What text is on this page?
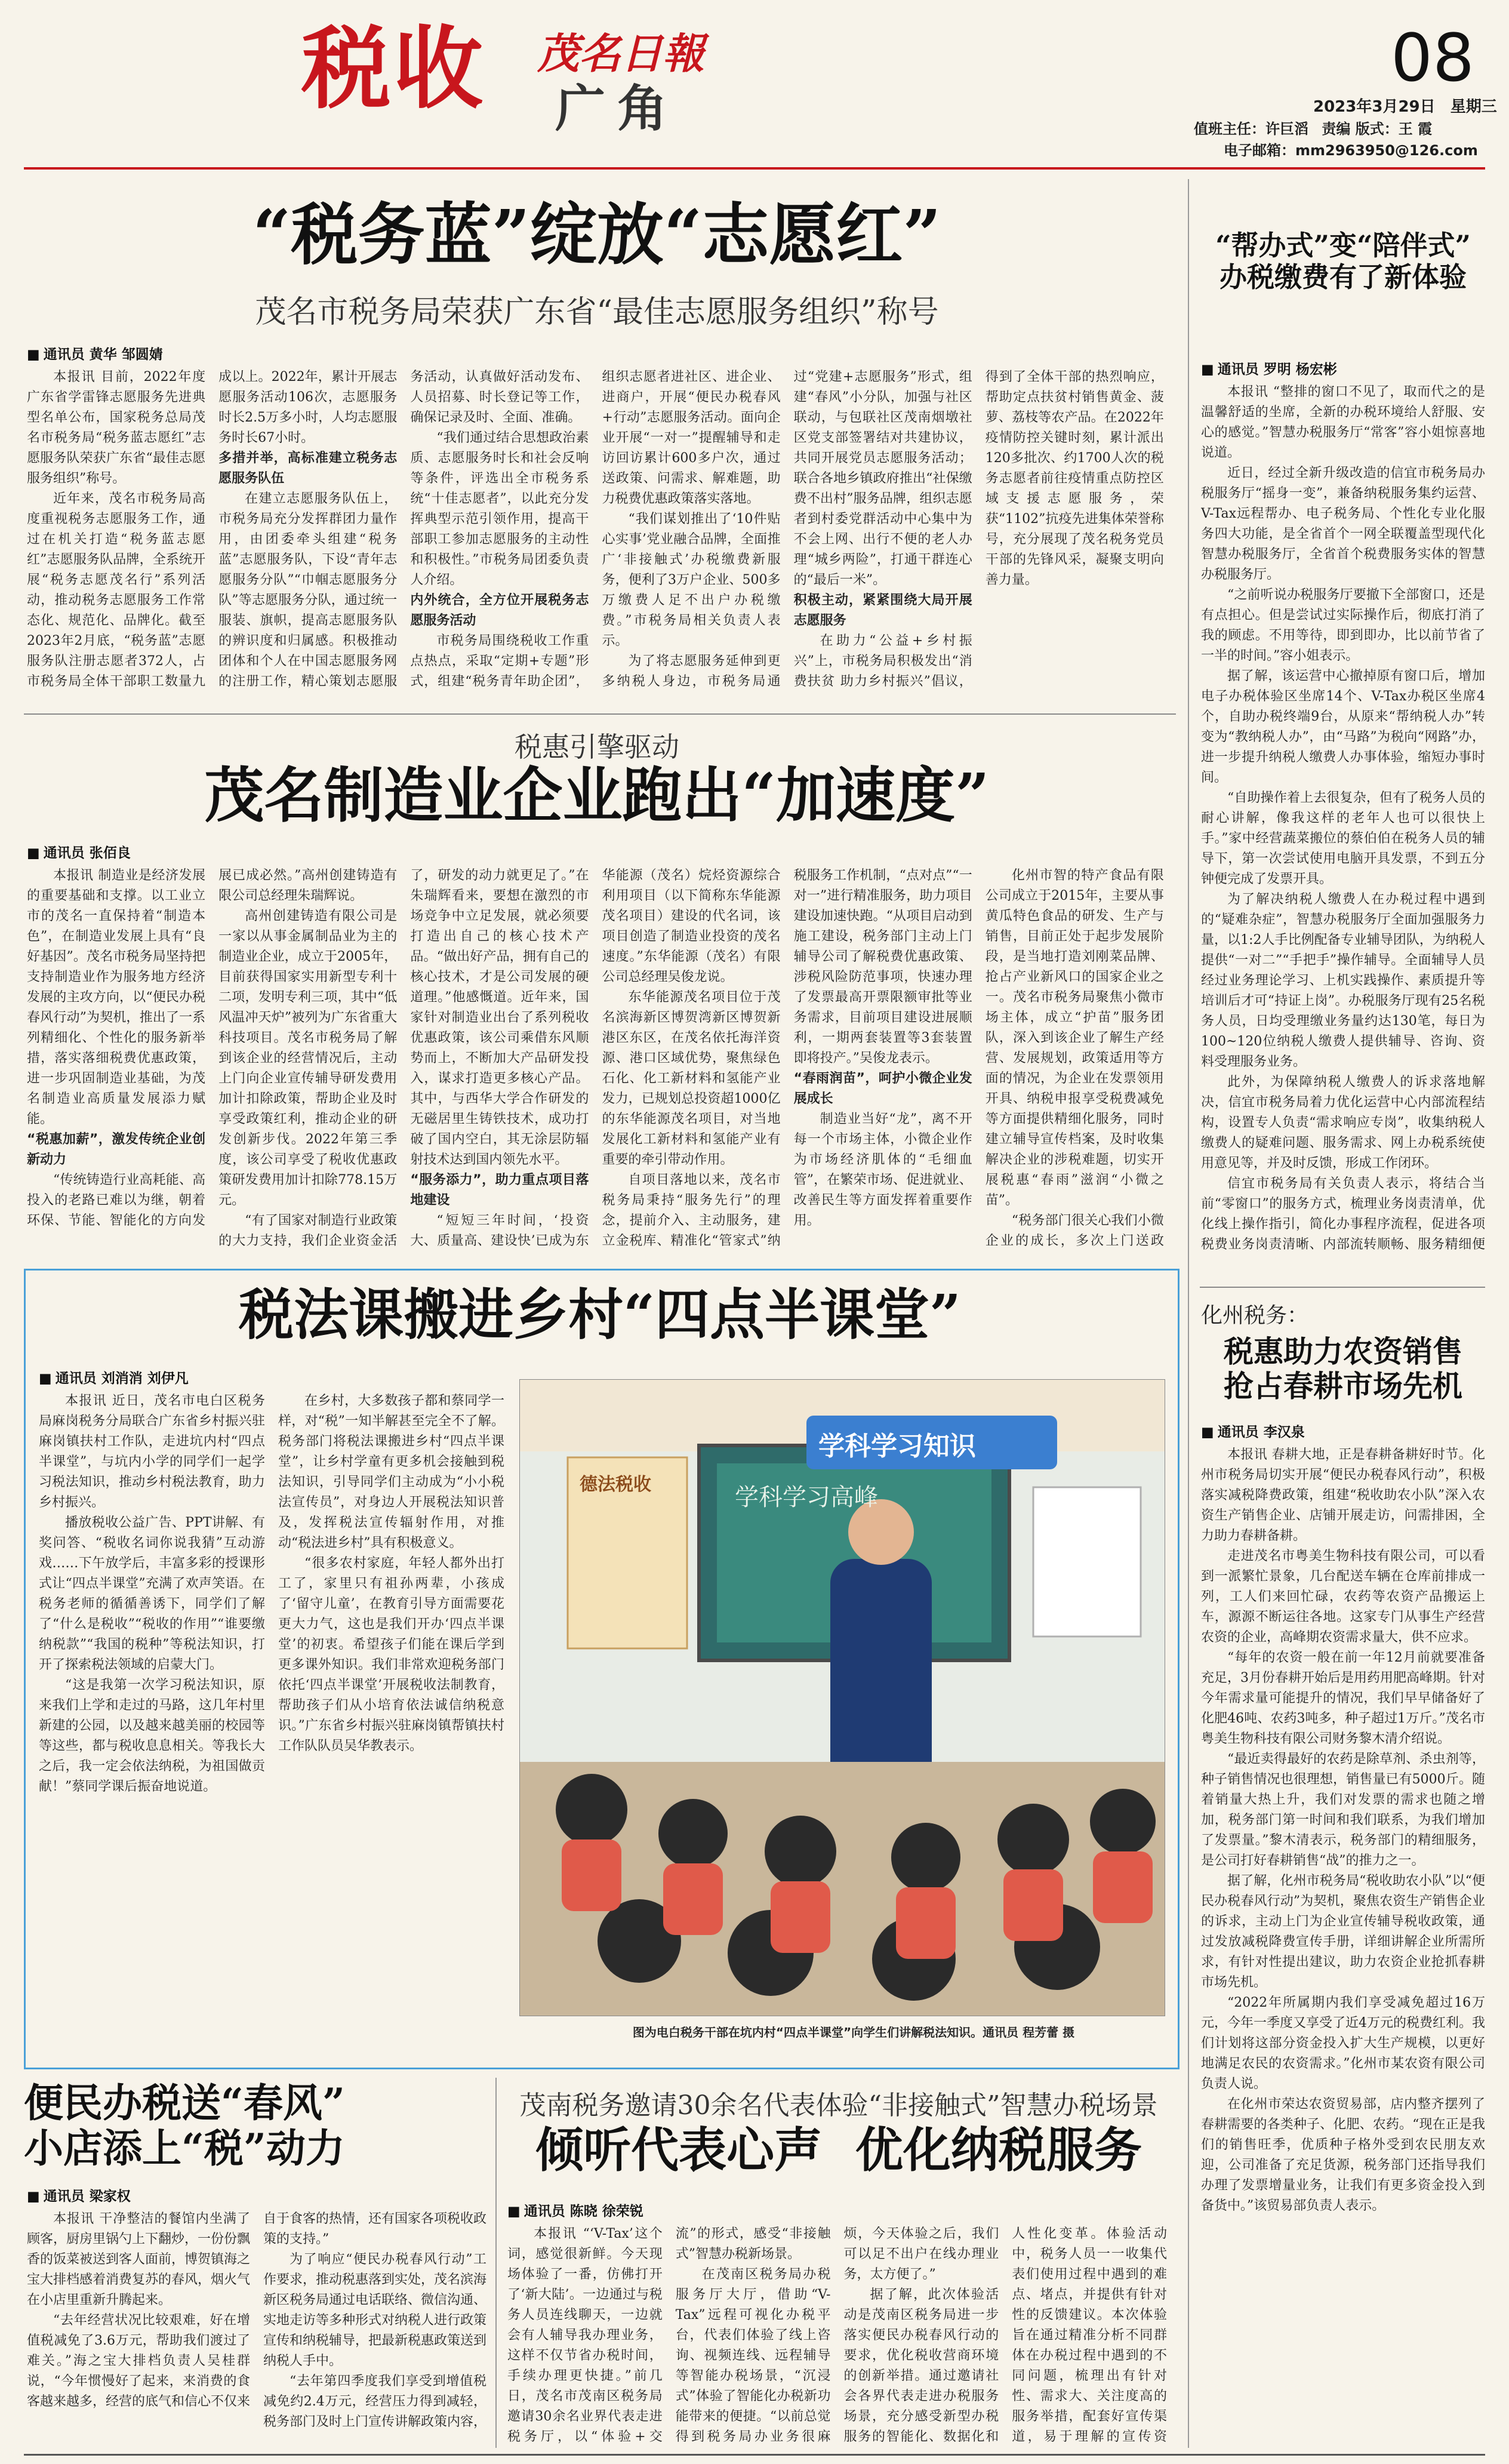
税收 茂名日報
广角
08
2023年3月29日 星期三
值班主任：许巨滔 责编 版式：王 霞
电子邮箱：mm2963950@126.com
“税务蓝”绽放“志愿红”
茂名市税务局荣获广东省“最佳志愿服务组织”称号
■ 通讯员 黄华 邹圆婧

本报讯 目前，2022年度广东省学雷锋志愿服务先进典型名单公布，国家税务总局茂名市税务局“税务蓝志愿红”志愿服务队荣获广东省“最佳志愿服务组织”称号。

近年来，茂名市税务局高度重视税务志愿服务工作，通过在机关打造“税务蓝志愿红”志愿服务队品牌，全系统开展“税务志愿茂名行”系列活动，推动税务志愿服务工作常态化、规范化、品牌化。截至2023年2月底，“税务蓝”志愿服务队注册志愿者372人，占市税务局全体干部职工数量九成以上。2022年，累计开展志愿服务活动106次，志愿服务时长2.5万多小时，人均志愿服务时长67小时。

多措并举，高标准建立税务志愿服务队伍

在建立志愿服务队伍上，市税务局充分发挥群团力量作用，由团委牵头组建“税务蓝”志愿服务队，下设“青年志愿服务分队”“巾帼志愿服务分队”等志愿服务分队，通过统一服装、旗帜，提高志愿服务队的辨识度和归属感。积极推动团体和个人在中国志愿服务网的注册工作，精心策划志愿服务活动，认真做好活动发布、人员招募、时长登记等工作，确保记录及时、全面、准确。

“我们通过结合思想政治素质、志愿服务时长和社会反响等条件，评选出全市税务系统“十佳志愿者”，以此充分发挥典型示范引领作用，提高干部职工参加志愿服务的主动性和积极性。”市税务局团委负责人介绍。

内外统合，全方位开展税务志愿服务活动

市税务局围绕税收工作重点热点，采取“定期+专题”形式，组建“税务青年助企团”，组织志愿者进社区、进企业、进商户，开展“便民办税春风+行动”志愿服务活动。面向企业开展“一对一”提醒辅导和走访回访累计600多户次，通过送政策、问需求、解难题，助力税费优惠政策落实落地。

“我们谋划推出了‘10件贴心实事’党业融合品牌，全面推广‘非接触式’办税缴费新服务，便利了3万户企业、500多万缴费人足不出户办税缴费。”市税务局相关负责人表示。

为了将志愿服务延伸到更多纳税人身边，市税务局通过“党建+志愿服务”形式，组建“春风”小分队，加强与社区联动，与包联社区茂南烟墩社区党支部签署结对共建协议，共同开展党员志愿服务活动；联合各地乡镇政府推出“社保缴费不出村”服务品牌，组织志愿者到村委党群活动中心集中为不会上网、出行不便的老人办理“城乡两险”，打通干群连心的“最后一米”。

积极主动，紧紧围绕大局开展志愿服务

在助力“公益+乡村振兴”上，市税务局积极发出“消费扶贫 助力乡村振兴”倡议，得到了全体干部的热烈响应，帮助定点扶贫村销售黄金、菠萝、荔枝等农产品。在2022年疫情防控关键时刻，累计派出120多批次、约1700人次的税务志愿者前往疫情重点防控区域支援志愿服务，荣获“1102”抗疫先进集体荣誉称号，充分展现了茂名税务党员干部的先锋风采，凝聚支明向善力量。

“帮办式”变“陪伴式”
办税缴费有了新体验
■ 通讯员 罗明 杨宏彬

本报讯 “整排的窗口不见了，取而代之的是温馨舒适的坐席，全新的办税环境给人舒服、安心的感觉。”智慧办税服务厅“常客”容小姐惊喜地说道。

近日，经过全新升级改造的信宜市税务局办税服务厅“摇身一变”，兼备纳税服务集约运营、V-Tax远程帮办、电子税务局、个性化专业化服务四大功能，是全省首个一网全联覆盖型现代化智慧办税服务厅，全省首个税费服务实体的智慧办税服务厅。

“之前听说办税服务厅要撤下全部窗口，还是有点担心。但是尝试过实际操作后，彻底打消了我的顾虑。不用等待，即到即办，比以前节省了一半的时间。”容小姐表示。

据了解，该运营中心撤掉原有窗口后，增加电子办税体验区坐席14个、V-Tax办税区坐席4个，自助办税终端9台，从原来“帮纳税人办”转变为“教纳税人办”，由“马路”为税向“网路”办，进一步提升纳税人缴费人办事体验，缩短办事时间。

“自助操作着上去很复杂，但有了税务人员的耐心讲解，像我这样的老年人也可以很快上手。”家中经营蔬菜搬位的蔡伯伯在税务人员的辅导下，第一次尝试使用电脑开具发票，不到五分钟便完成了发票开具。

为了解决纳税人缴费人在办税过程中遇到的“疑难杂症”，智慧办税服务厅全面加强服务力量，以1:2人手比例配备专业辅导团队，为纳税人提供“一对二”“手把手”操作辅导。全面辅导人员经过业务理论学习、上机实践操作、素质提升等培训后才可“持证上岗”。办税服务厅现有25名税务人员，日均受理缴业务量约达130笔，每日为100~120位纳税人缴费人提供辅导、咨询、资料受理服务业务。

此外，为保障纳税人缴费人的诉求落地解决，信宜市税务局着力优化运营中心内部流程结构，设置专人负责“需求响应专岗”，收集纳税人缴费人的疑难问题、服务需求、网上办税系统使用意见等，并及时反馈，形成工作闭环。

信宜市税务局有关负责人表示，将结合当前“零窗口”的服务方式，梳理业务岗责清单，优化线上操作指引，简化办事程序流程，促进各项税费业务岗责清晰、内部流转顺畅、服务精细便

税惠引擎驱动
茂名制造业企业跑出“加速度”
■ 通讯员 张佰良

本报讯 制造业是经济发展的重要基础和支撑。以工业立市的茂名一直保持着“制造本色”，在制造业发展上具有“良好基因”。茂名市税务局坚持把支持制造业作为服务地方经济发展的主攻方向，以“便民办税春风行动”为契机，推出了一系列精细化、个性化的服务新举措，落实落细税费优惠政策，进一步巩固制造业基础，为茂名制造业高质量发展添力赋能。

“税惠加薪”，激发传统企业创新动力

“传统铸造行业高耗能、高投入的老路已难以为继，朝着环保、节能、智能化的方向发展已成必然。”高州创建铸造有限公司总经理朱瑞辉说。

高州创建铸造有限公司是一家以从事金属制品业为主的制造业企业，成立于2005年，目前获得国家实用新型专利十二项，发明专利三项，其中“低风温冲天炉”被列为广东省重大科技项目。茂名市税务局了解到该企业的经营情况后，主动上门向企业宣传辅导研发费用加计扣除政策，帮助企业及时享受政策红利，推动企业的研发创新步伐。2022年第三季度，该公司享受了税收优惠政策研发费用加计扣除778.15万元。

“有了国家对制造行业政策的大力支持，我们企业资金活了，研发的动力就更足了。”在朱瑞辉看来，要想在激烈的市场竞争中立足发展，就必须要打造出自己的核心技术产品。“做出好产品，拥有自己的核心技术，才是公司发展的硬道理。”他感慨道。近年来，国家针对制造业出台了系列税收优惠政策，该公司乘借东风顺势而上，不断加大产品研发投入，谋求打造更多核心产品。其中，与西华大学合作研发的无磁居里生铸铁技术，成功打破了国内空白，其无涂层防辐射技术达到国内领先水平。

“服务添力”，助力重点项目落地建设

“短短三年时间，‘投资大、质量高、建设快’已成为东华能源（茂名）烷烃资源综合利用项目（以下简称东华能源茂名项目）建设的代名词，该项目创造了制造业投资的茂名速度。”东华能源（茂名）有限公司总经理吴俊龙说。

东华能源茂名项目位于茂名滨海新区博贺湾新区博贺新港区东区，在茂名依托海洋资源、港口区域优势，聚焦绿色石化、化工新材料和氢能产业发力，已规划总投资超1000亿的东华能源茂名项目，对当地发展化工新材料和氢能产业有重要的牵引带动作用。

自项目落地以来，茂名市税务局秉持“服务先行”的理念，提前介入、主动服务，建立金税库、精准化“管家式”纳税服务工作机制，“点对点”“一对一”进行精准服务，助力项目建设加速快跑。“从项目启动到施工建设，税务部门主动上门辅导公司了解税费优惠政策、涉税风险防范事项，快速办理了发票最高开票限额审批等业务需求，目前项目建设进展顺利，一期两套装置等3套装置即将投产。”吴俊龙表示。

“春雨润苗”，呵护小微企业发展成长

制造业当好“龙”，离不开每一个市场主体，小微企业作为市场经济肌体的“毛细血管”，在繁荣市场、促进就业、改善民生等方面发挥着重要作用。

化州市智的特产食品有限公司成立于2015年，主要从事黄瓜特色食品的研发、生产与销售，目前正处于起步发展阶段，是当地打造刘刚菜品牌、抢占产业新风口的国家企业之一。茂名市税务局聚焦小微市场主体，成立“护苗”服务团队，深入到该企业了解生产经营、发展规划，政策适用等方面的情况，为企业在发票领用开具、纳税申报享受税费减免等方面提供精细化服务，同时建立辅导宣传档案，及时收集解决企业的涉税难题，切实开展税惠“春雨”滋润“小微之苗”。

“税务部门很关心我们小微企业的成长，多次上门送政

税法课搬进乡村“四点半课堂”
■ 通讯员 刘消消 刘伊凡

本报讯 近日，茂名市电白区税务局麻岗税务分局联合广东省乡村振兴驻麻岗镇扶村工作队，走进坑内村“四点半课堂”，与坑内小学的同学们一起学习税法知识，推动乡村税法教育，助力乡村振兴。

播放税收公益广告、PPT讲解、有奖问答、“税收名词你说我猜”互动游戏……下午放学后，丰富多彩的授课形式让“四点半课堂”充满了欢声笑语。在税务老师的循循善诱下，同学们了解了“什么是税收”“税收的作用”“谁要缴纳税款”“我国的税种”等税法知识，打开了探索税法领域的启蒙大门。

“这是我第一次学习税法知识，原来我们上学和走过的马路，这几年村里新建的公园，以及越来越美丽的校园等等这些，都与税收息息相关。等我长大之后，我一定会依法纳税，为祖国做贡献！”蔡同学课后振奋地说道。

在乡村，大多数孩子都和蔡同学一样，对“税”一知半解甚至完全不了解。税务部门将税法课搬进乡村“四点半课堂”，让乡村学童有更多机会接触到税法知识，引导同学们主动成为“小小税法宣传员”，对身边人开展税法知识普及，发挥税法宣传辐射作用，对推动“税法进乡村”具有积极意义。

“很多农村家庭，年轻人都外出打工了，家里只有祖孙两辈，小孩成了‘留守儿童’，在教育引导方面需要花更大力气，这也是我们开办‘四点半课堂’的初衷。希望孩子们能在课后学到更多课外知识。我们非常欢迎税务部门依托‘四点半课堂’开展税收法制教育，帮助孩子们从小培育依法诚信纳税意识。”广东省乡村振兴驻麻岗镇帮镇扶村工作队队员吴华教表示。

学科学习知识
学科学习高峰
德法税收
图为电白税务干部在坑内村“四点半课堂”向学生们讲解税法知识。通讯员 程芳蕾 摄
化州税务：
税惠助力农资销售
抢占春耕市场先机
■ 通讯员 李汉泉

本报讯 春耕大地，正是春耕备耕好时节。化州市税务局切实开展“便民办税春风行动”，积极落实减税降费政策，组建“税收助农小队”深入农资生产销售企业、店铺开展走访，问需排困，全力助力春耕备耕。

走进茂名市粤美生物科技有限公司，可以看到一派繁忙景象，几台配送车辆在仓库前排成一列，工人们来回忙碌，农药等农资产品搬运上车，源源不断运往各地。这家专门从事生产经营农资的企业，高峰期农资需求量大，供不应求。

“每年的农资一般在前一年12月前就要准备充足，3月份春耕开始后是用药用肥高峰期。针对今年需求量可能提升的情况，我们早早储备好了化肥46吨、农药3吨多，种子超过1万斤。”茂名市粤美生物科技有限公司财务黎木清介绍说。

“最近卖得最好的农药是除草剂、杀虫剂等，种子销售情况也很理想，销售量已有5000斤。随着销量大热上升，我们对发票的需求也随之增加，税务部门第一时间和我们联系，为我们增加了发票量。”黎木清表示，税务部门的精细服务，是公司打好春耕销售“战”的推力之一。

据了解，化州市税务局“税收助农小队”以“便民办税春风行动”为契机，聚焦农资生产销售企业的诉求，主动上门为企业宣传辅导税收政策，通过发放减税降费宣传手册，详细讲解企业所需所求，有针对性提出建议，助力农资企业抢抓春耕市场先机。

“2022年所属期内我们享受减免超过16万元，今年一季度又享受了近4万元的税费红利。我们计划将这部分资金投入扩大生产规模，以更好地满足农民的农资需求。”化州市某农资有限公司负责人说。

在化州市荣达农资贸易部，店内整齐摆列了春耕需要的各类种子、化肥、农药。“现在正是我们的销售旺季，优质种子格外受到农民朋友欢迎，公司准备了充足货源，税务部门还指导我们办理了发票增量业务，让我们有更多资金投入到备货中。”该贸易部负责人表示。

便民办税送“春风”
小店添上“税”动力
■ 通讯员 梁家权

本报讯 干净整洁的餐馆内坐满了顾客，厨房里锅勺上下翻炒，一份份飘香的饭菜被送到客人面前，博贺镇海之宝大排档感着消费复苏的春风，烟火气在小店里重新升腾起来。

“去年经营状况比较艰难，好在增值税减免了3.6万元，帮助我们渡过了难关。”海之宝大排档负责人吴桂群说，“今年惯慢好了起来，来消费的食客越来越多，经营的底气和信心不仅来自于食客的热情，还有国家各项税收政策的支持。”

为了响应“便民办税春风行动”工作要求，推动税惠落到实处，茂名滨海新区税务局通过电话联络、微信沟通、实地走访等多种形式对纳税人进行政策宣传和纳税辅导，把最新税惠政策送到纳税人手中。

“去年第四季度我们享受到增值税减免约2.4万元，经营压力得到减轻，税务部门及时上门宣传讲解政策内容，

茂南税务邀请30余名代表体验“非接触式”智慧办税场景
倾听代表心声  优化纳税服务
■ 通讯员 陈晓 徐荣锐

本报讯 “‘V-Tax’这个词，感觉很新鲜。今天现场体验了一番，仿佛打开了‘新大陆’。一边通过与税务人员连线聊天，一边就会有人辅导我办理业务，这样不仅节省办税时间，手续办理更快捷。”前几日，茂名市茂南区税务局邀请30余名业界代表走进税务厅，以“体验+交流”的形式，感受“非接触式”智慧办税新场景。

在茂南区税务局办税服务厅大厅，借助“V-Tax”远程可视化办税平台，代表们体验了线上咨询、视频连线、远程辅导等智能办税场景，“沉浸式”体验了智能化办税新功能带来的便捷。“以前总觉得到税务局办业务很麻烦，今天体验之后，我们可以足不出户在线办理业务，太方便了。”

据了解，此次体验活动是茂南区税务局进一步落实便民办税春风行动的要求，优化税收营商环境的创新举措。通过邀请社会各界代表走进办税服务场景，充分感受新型办税服务的智能化、数据化和人性化变革。体验活动中，税务人员一一收集代表们使用过程中遇到的难点、堵点，并提供有针对性的反馈建议。本次体验旨在通过精准分析不同群体在办税过程中遇到的不同问题，梳理出有针对性、需求大、关注度高的服务举措，配套好宣传渠道，易于理解的宣传资
